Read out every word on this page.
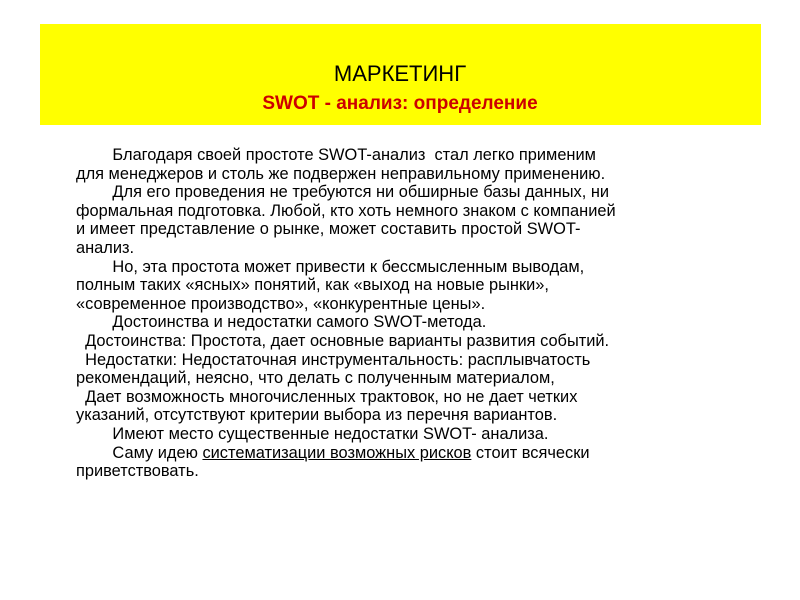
МАРКЕТИНГ
SWOT - анализ: определение
Благодаря своей простоте SWOT-анализ  стал легко применим
для менеджеров и столь же подвержен неправильному применению.
Для его проведения не требуются ни обширные базы данных, ни
формальная подготовка. Любой, кто хоть немного знаком с компанией
и имеет представление о рынке, может составить простой SWOT-
анализ.
Но, эта простота может привести к бессмысленным выводам,
полным таких «ясных» понятий, как «выход на новые рынки»,
«современное производство», «конкурентные цены».
Достоинства и недостатки самого SWOT-метода.
Достоинства: Простота, дает основные варианты развития событий.
Недостатки: Недостаточная инструментальность: расплывчатость
рекомендаций, неясно, что делать с полученным материалом,
Дает возможность многочисленных трактовок, но не дает четких
указаний, отсутствуют критерии выбора из перечня вариантов.
Имеют место существенные недостатки SWOT- анализа.
Саму идею систематизации возможных рисков стоит всячески
приветствовать.
